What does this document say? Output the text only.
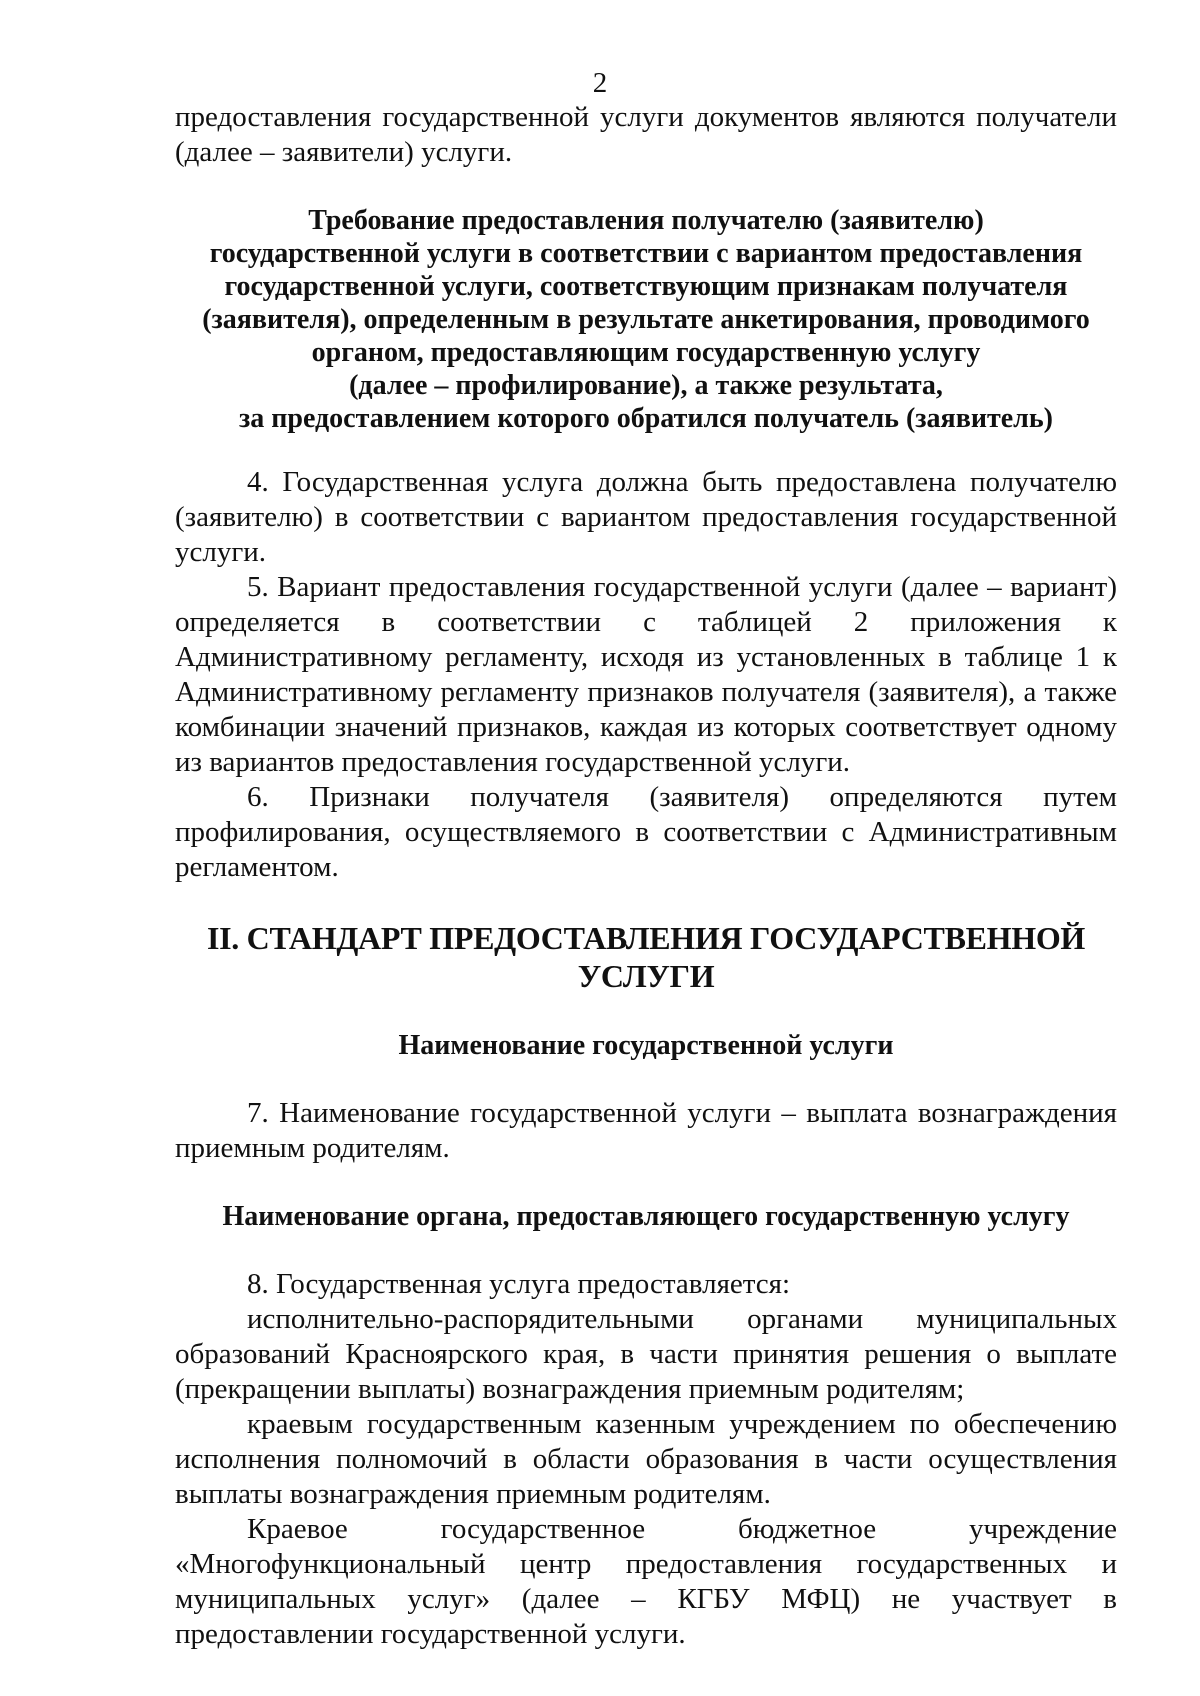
2

предоставления государственной услуги документов являются получатели (далее – заявители) услуги.

Требование предоставления получателю (заявителю)

государственной услуги в соответствии с вариантом предоставления

государственной услуги, соответствующим признакам получателя

(заявителя), определенным в результате анкетирования, проводимого

органом, предоставляющим государственную услугу

(далее – профилирование), а также результата,

за предоставлением которого обратился получатель (заявитель)

4. Государственная услуга должна быть предоставлена получателю (заявителю) в соответствии с вариантом предоставления государственной услуги.

5. Вариант предоставления государственной услуги (далее – вариант) определяется в соответствии с таблицей 2 приложения к Административному регламенту, исходя из установленных в таблице 1 к Административному регламенту признаков получателя (заявителя), а также комбинации значений признаков, каждая из которых соответствует одному из вариантов предоставления государственной услуги.

6. Признаки получателя (заявителя) определяются путем профилирования, осуществляемого в соответствии с Административным регламентом.

II. СТАНДАРТ ПРЕДОСТАВЛЕНИЯ ГОСУДАРСТВЕННОЙ УСЛУГИ

Наименование государственной услуги

7. Наименование государственной услуги – выплата вознаграждения приемным родителям.

Наименование органа, предоставляющего государственную услугу

8. Государственная услуга предоставляется:

исполнительно-распорядительными органами муниципальных образований Красноярского края, в части принятия решения о выплате (прекращении выплаты) вознаграждения приемным родителям;

краевым государственным казенным учреждением по обеспечению исполнения полномочий в области образования в части осуществления выплаты вознаграждения приемным родителям.

Краевое государственное бюджетное учреждение «Многофункциональный центр предоставления государственных и муниципальных услуг» (далее – КГБУ МФЦ) не участвует в предоставлении государственной услуги.
